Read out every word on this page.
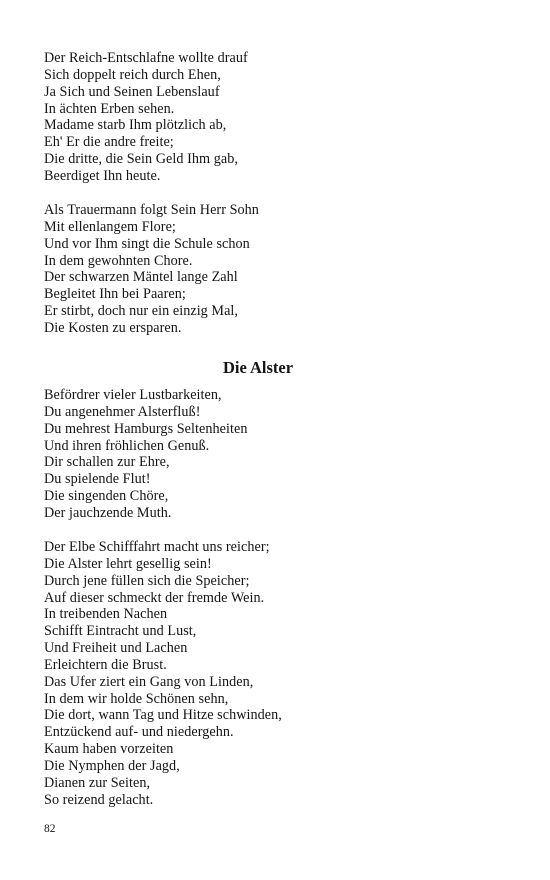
Der Reich-Entschlafne wollte drauf
Sich doppelt reich durch Ehen,
Ja Sich und Seinen Lebenslauf
In ächten Erben sehen.
Madame starb Ihm plötzlich ab,
Eh' Er die andre freite;
Die dritte, die Sein Geld Ihm gab,
Beerdiget Ihn heute.
Als Trauermann folgt Sein Herr Sohn
Mit ellenlangem Flore;
Und vor Ihm singt die Schule schon
In dem gewohnten Chore.
Der schwarzen Mäntel lange Zahl
Begleitet Ihn bei Paaren;
Er stirbt, doch nur ein einzig Mal,
Die Kosten zu ersparen.
Die Alster
Befördrer vieler Lustbarkeiten,
Du angenehmer Alsterfluß!
Du mehrest Hamburgs Seltenheiten
Und ihren fröhlichen Genuß.
Dir schallen zur Ehre,
Du spielende Flut!
Die singenden Chöre,
Der jauchzende Muth.
Der Elbe Schifffahrt macht uns reicher;
Die Alster lehrt gesellig sein!
Durch jene füllen sich die Speicher;
Auf dieser schmeckt der fremde Wein.
In treibenden Nachen
Schifft Eintracht und Lust,
Und Freiheit und Lachen
Erleichtern die Brust.
Das Ufer ziert ein Gang von Linden,
In dem wir holde Schönen sehn,
Die dort, wann Tag und Hitze schwinden,
Entzückend auf- und niedergehn.
Kaum haben vorzeiten
Die Nymphen der Jagd,
Dianen zur Seiten,
So reizend gelacht.
82
